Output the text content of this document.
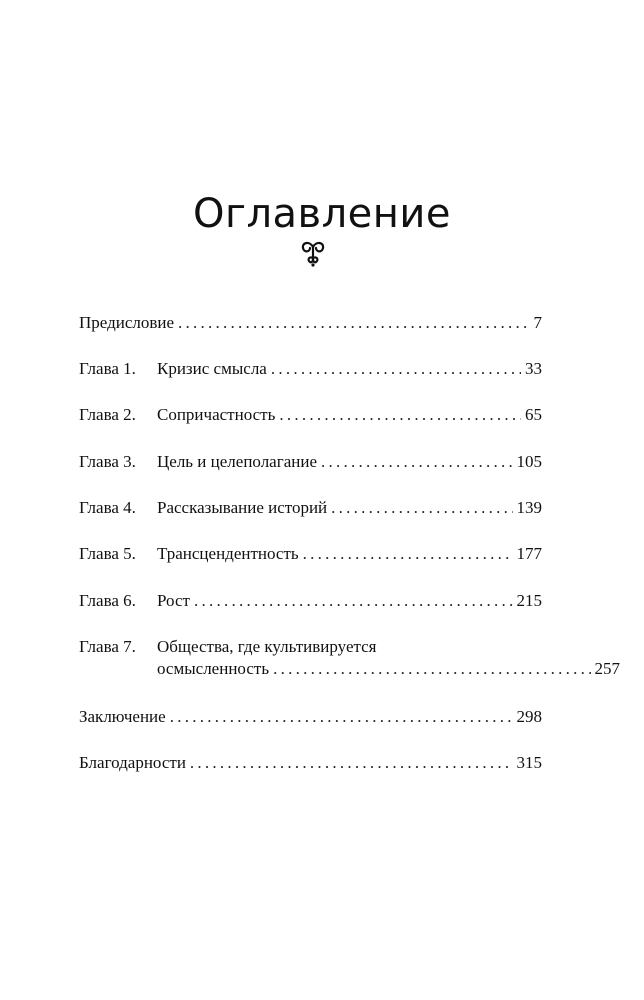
Оглавление
Предисловие . . .	7
Глава 1.	Кризис смысла . . .	33
Глава 2.	Сопричастность . . .	65
Глава 3.	Цель и целеполагание . . .	105
Глава 4.	Рассказывание историй . . .	139
Глава 5.	Трансцендентность . . .	177
Глава 6.	Рост . . .	215
Глава 7.	Общества, где культивируется
осмысленность . . .	257
Заключение . . .	298
Благодарности . . .	315
